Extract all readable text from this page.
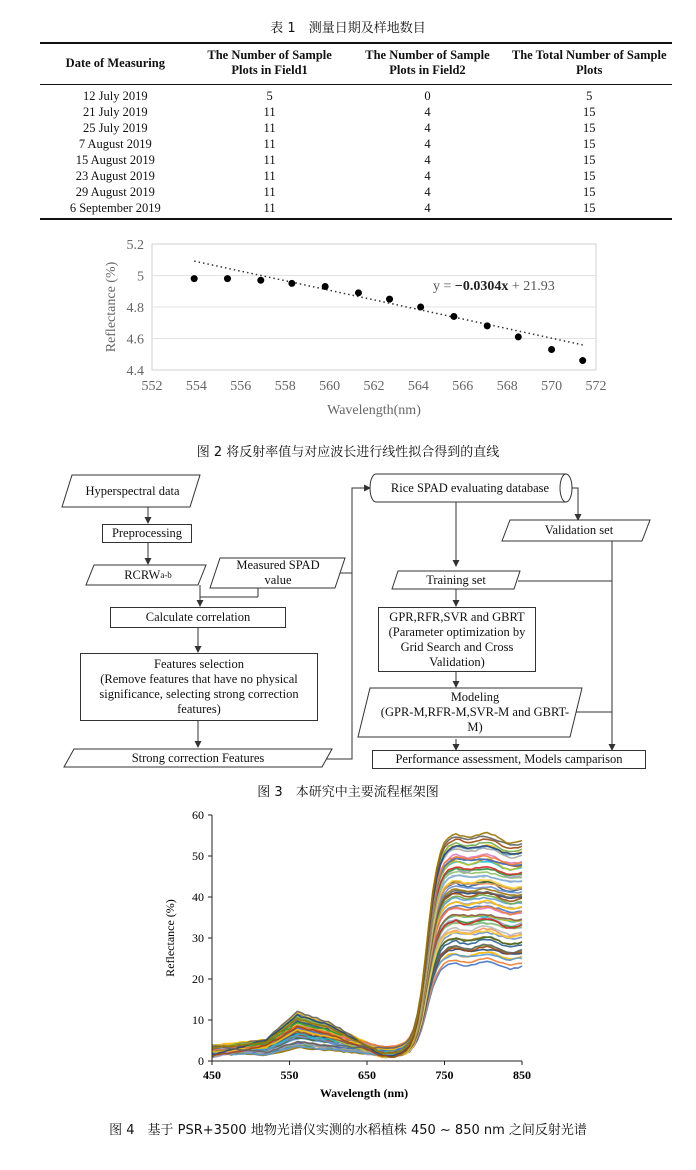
表 1　测量日期及样地数目
Date of Measuring	The Number of Sample Plots in Field1	The Number of Sample Plots in Field2	The Total Number of Sample Plots
12 July 2019	5	0	5
21 July 2019	11	4	15
25 July 2019	11	4	15
7 August 2019	11	4	15
15 August 2019	11	4	15
23 August 2019	11	4	15
29 August 2019	11	4	15
6 September 2019	11	4	15
4.4
4.6
4.8
5
5.2
552 554 556 558 560 562 564 566 568 570 572
y = −0.0304x + 21.93
Wavelength(nm)
Reflectance (%)
图 2 将反射率值与对应波长进行线性拟合得到的直线
Hyperspectral data
Preprocessing
RCRW a-b
Measured SPAD value
Calculate correlation
Features selection
(Remove features that have no physical significance, selecting strong correction features)
Strong correction Features
Rice SPAD evaluating database
Validation set
Training set
GPR,RFR,SVR and GBRT
(Parameter optimization by Grid Search and Cross Validation)
Modeling
(GPR-M,RFR-M,SVR-M and GBRT-M)
Performance assessment, Models camparison
图 3　本研究中主要流程框架图
0
10
20
30
40
50
60
450	550	650	750	850
Wavelength (nm)
Reflectance (%)
图 4　基于 PSR+3500 地物光谱仪实测的水稻植株 450 ~ 850 nm 之间反射光谱
